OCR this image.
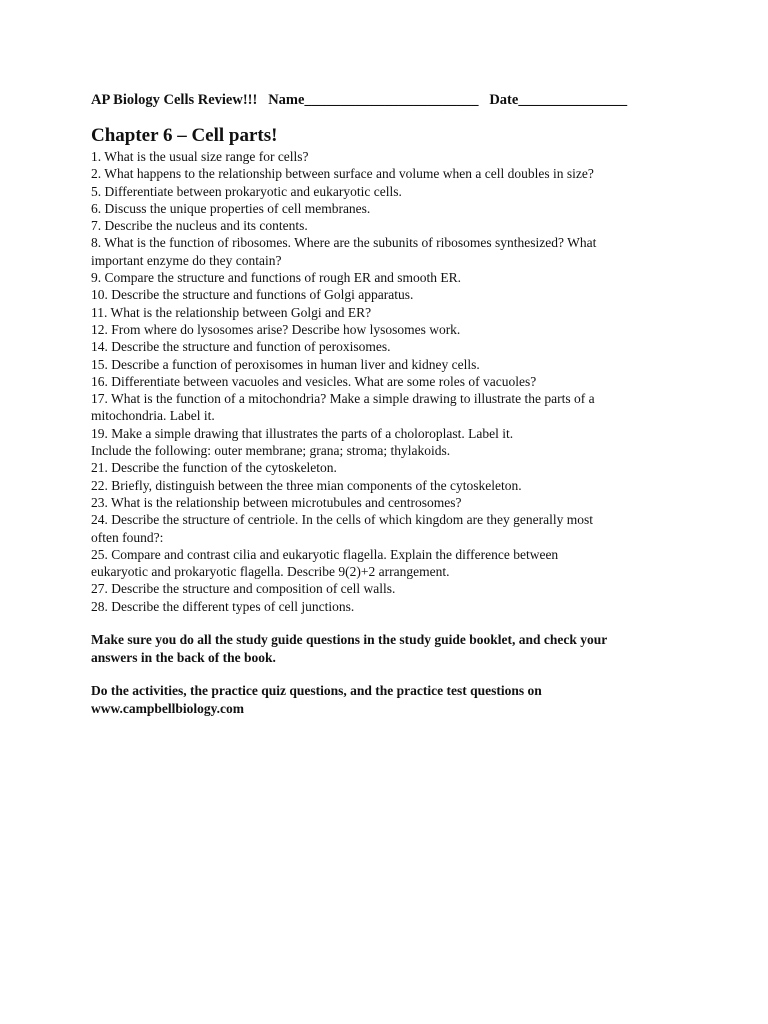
AP Biology Cells Review!!! Name________________________ Date_______________

Chapter 6 – Cell parts!
1. What is the usual size range for cells?
2. What happens to the relationship between surface and volume when a cell doubles in size?
5. Differentiate between prokaryotic and eukaryotic cells.
6. Discuss the unique properties of cell membranes.
7. Describe the nucleus and its contents.
8. What is the function of ribosomes. Where are the subunits of ribosomes synthesized? What
important enzyme do they contain?
9. Compare the structure and functions of rough ER and smooth ER.
10. Describe the structure and functions of Golgi apparatus.
11. What is the relationship between Golgi and ER?
12. From where do lysosomes arise? Describe how lysosomes work.
14. Describe the structure and function of peroxisomes.
15. Describe a function of peroxisomes in human liver and kidney cells.
16. Differentiate between vacuoles and vesicles. What are some roles of vacuoles?
17. What is the function of a mitochondria? Make a simple drawing to illustrate the parts of a
mitochondria. Label it.
19. Make a simple drawing that illustrates the parts of a choloroplast. Label it.
Include the following: outer membrane; grana; stroma; thylakoids.
21. Describe the function of the cytoskeleton.
22. Briefly, distinguish between the three mian components of the cytoskeleton.
23. What is the relationship between microtubules and centrosomes?
24. Describe the structure of centriole. In the cells of which kingdom are they generally most
often found?:
25. Compare and contrast cilia and eukaryotic flagella. Explain the difference between
eukaryotic and prokaryotic flagella. Describe 9(2)+2 arrangement.
27. Describe the structure and composition of cell walls.
28. Describe the different types of cell junctions.
Make sure you do all the study guide questions in the study guide booklet, and check your
answers in the back of the book.
Do the activities, the practice quiz questions, and the practice test questions on
www.campbellbiology.com
